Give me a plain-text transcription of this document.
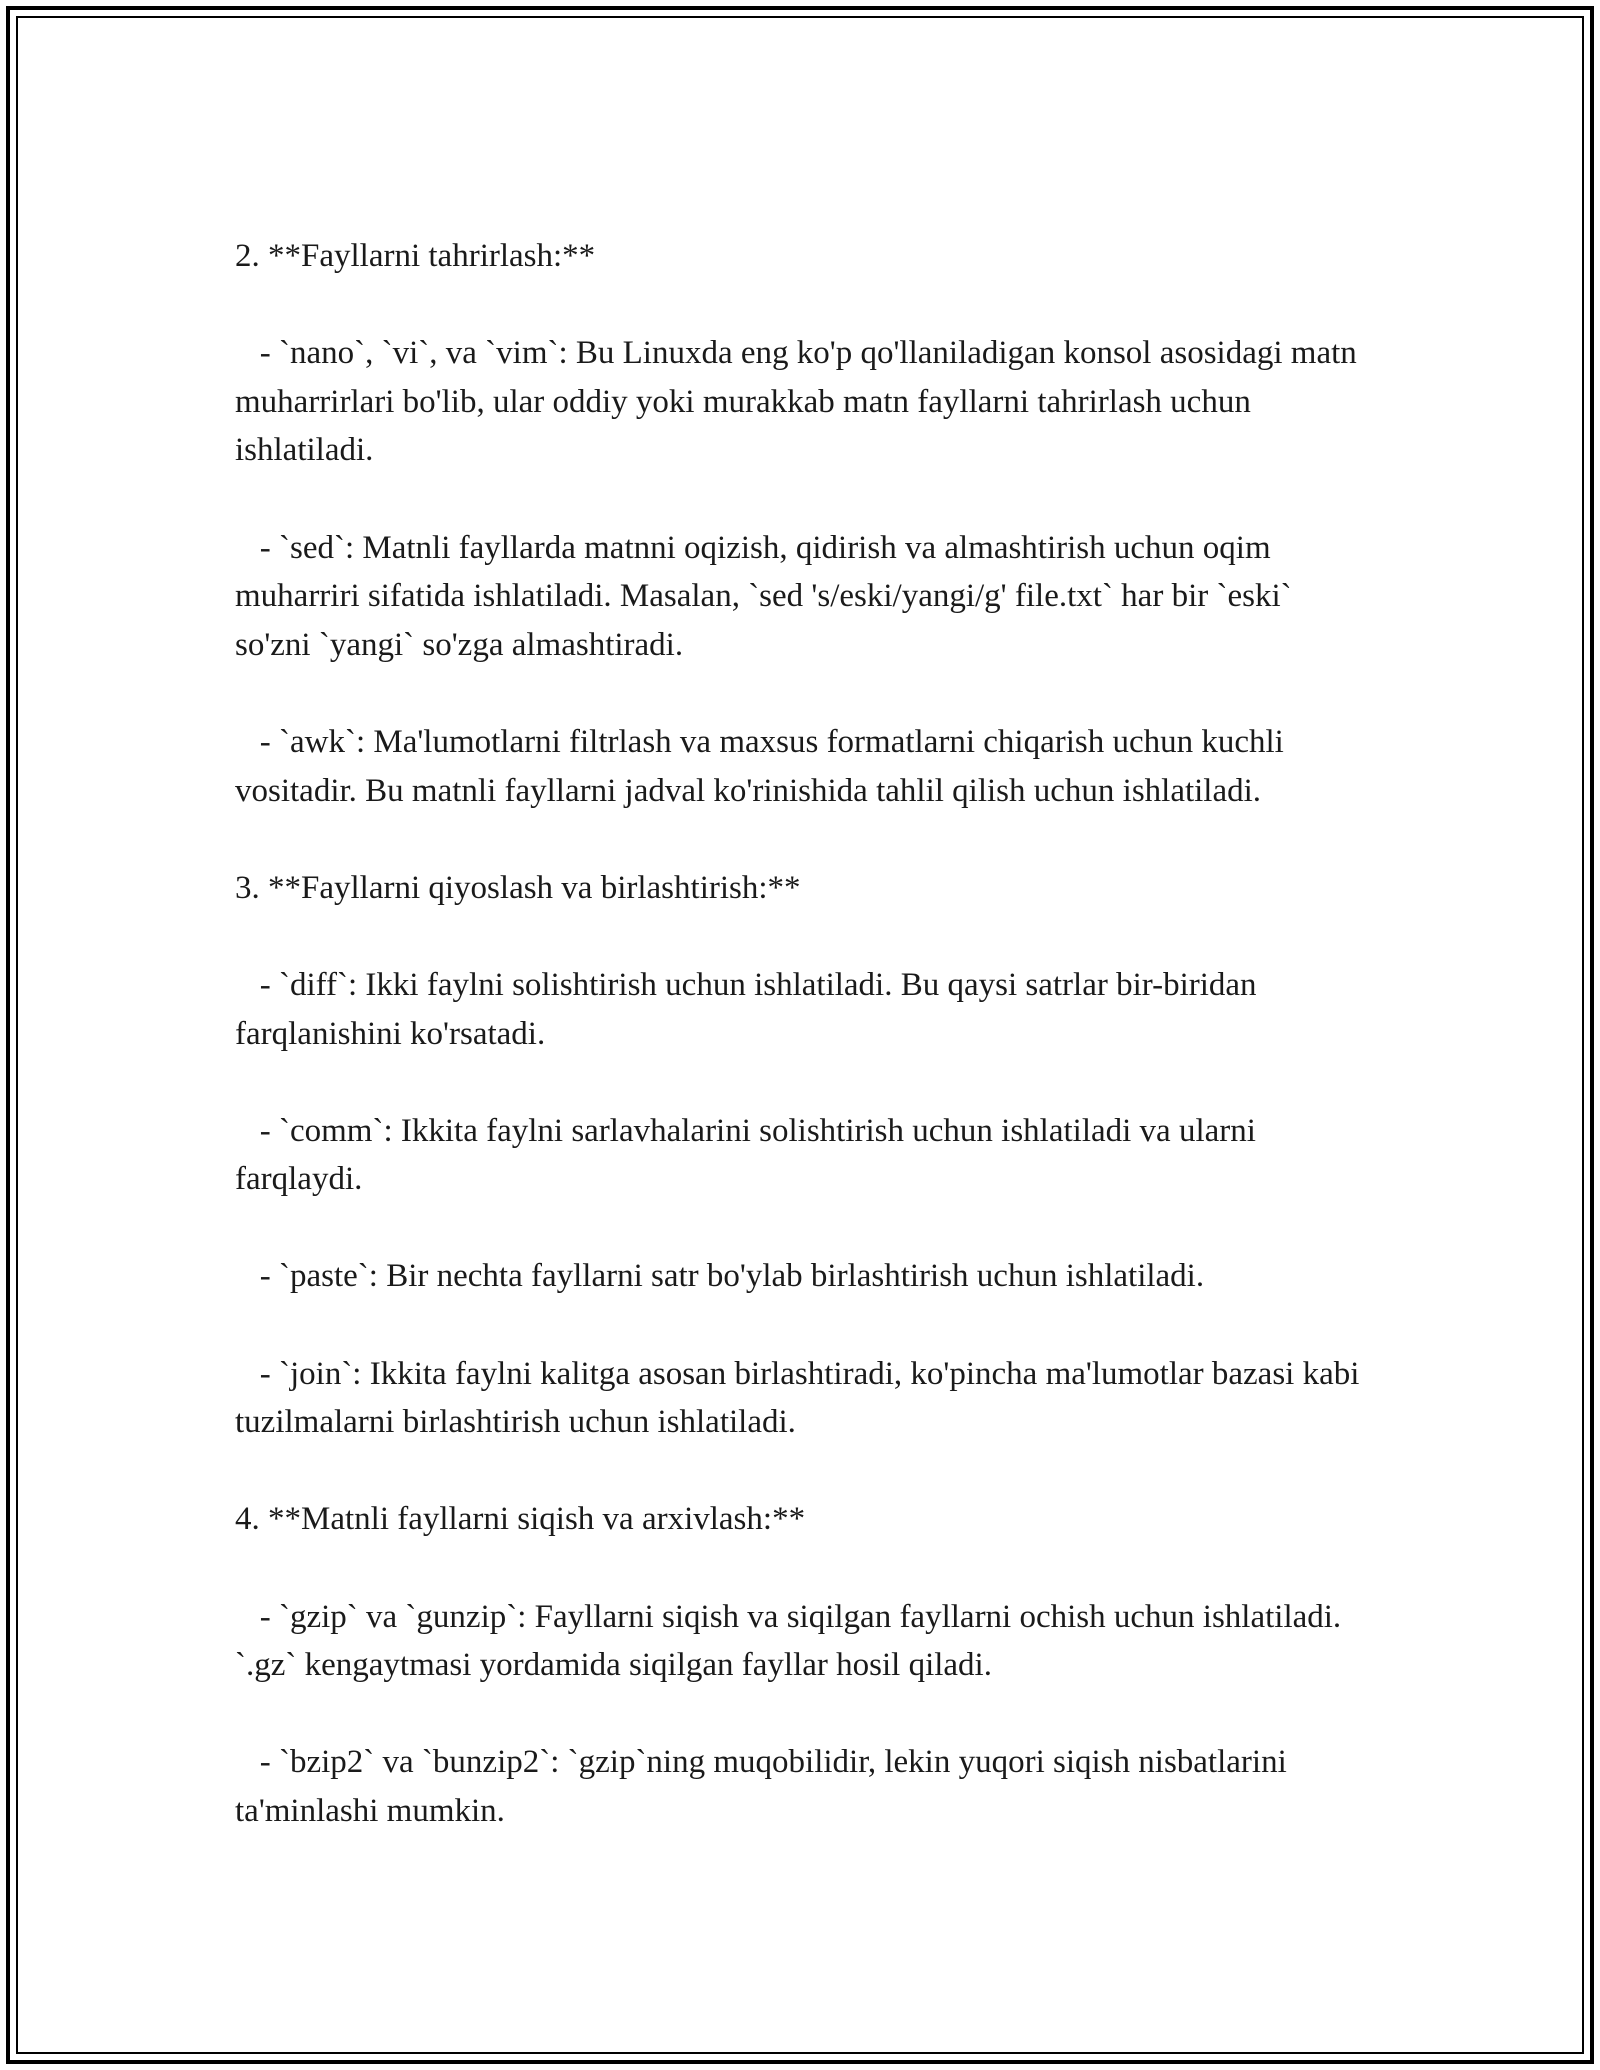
2. **Fayllarni tahrirlash:**

- `nano`, `vi`, va `vim`: Bu Linuxda eng ko'p qo'llaniladigan konsol asosidagi matn muharrirlari bo'lib, ular oddiy yoki murakkab matn fayllarni tahrirlash uchun ishlatiladi.

- `sed`: Matnli fayllarda matnni oqizish, qidirish va almashtirish uchun oqim muharriri sifatida ishlatiladi. Masalan, `sed 's/eski/yangi/g' file.txt` har bir `eski` so'zni `yangi` so'zga almashtiradi.

- `awk`: Ma'lumotlarni filtrlash va maxsus formatlarni chiqarish uchun kuchli vositadir. Bu matnli fayllarni jadval ko'rinishida tahlil qilish uchun ishlatiladi.

3. **Fayllarni qiyoslash va birlashtirish:**

- `diff`: Ikki faylni solishtirish uchun ishlatiladi. Bu qaysi satrlar bir-biridan farqlanishini ko'rsatadi.

- `comm`: Ikkita faylni sarlavhalarini solishtirish uchun ishlatiladi va ularni farqlaydi.

- `paste`: Bir nechta fayllarni satr bo'ylab birlashtirish uchun ishlatiladi.

- `join`: Ikkita faylni kalitga asosan birlashtiradi, ko'pincha ma'lumotlar bazasi kabi tuzilmalarni birlashtirish uchun ishlatiladi.

4. **Matnli fayllarni siqish va arxivlash:**

- `gzip` va `gunzip`: Fayllarni siqish va siqilgan fayllarni ochish uchun ishlatiladi. `.gz` kengaytmasi yordamida siqilgan fayllar hosil qiladi.

- `bzip2` va `bunzip2`: `gzip`ning muqobilidir, lekin yuqori siqish nisbatlarini ta'minlashi mumkin.
